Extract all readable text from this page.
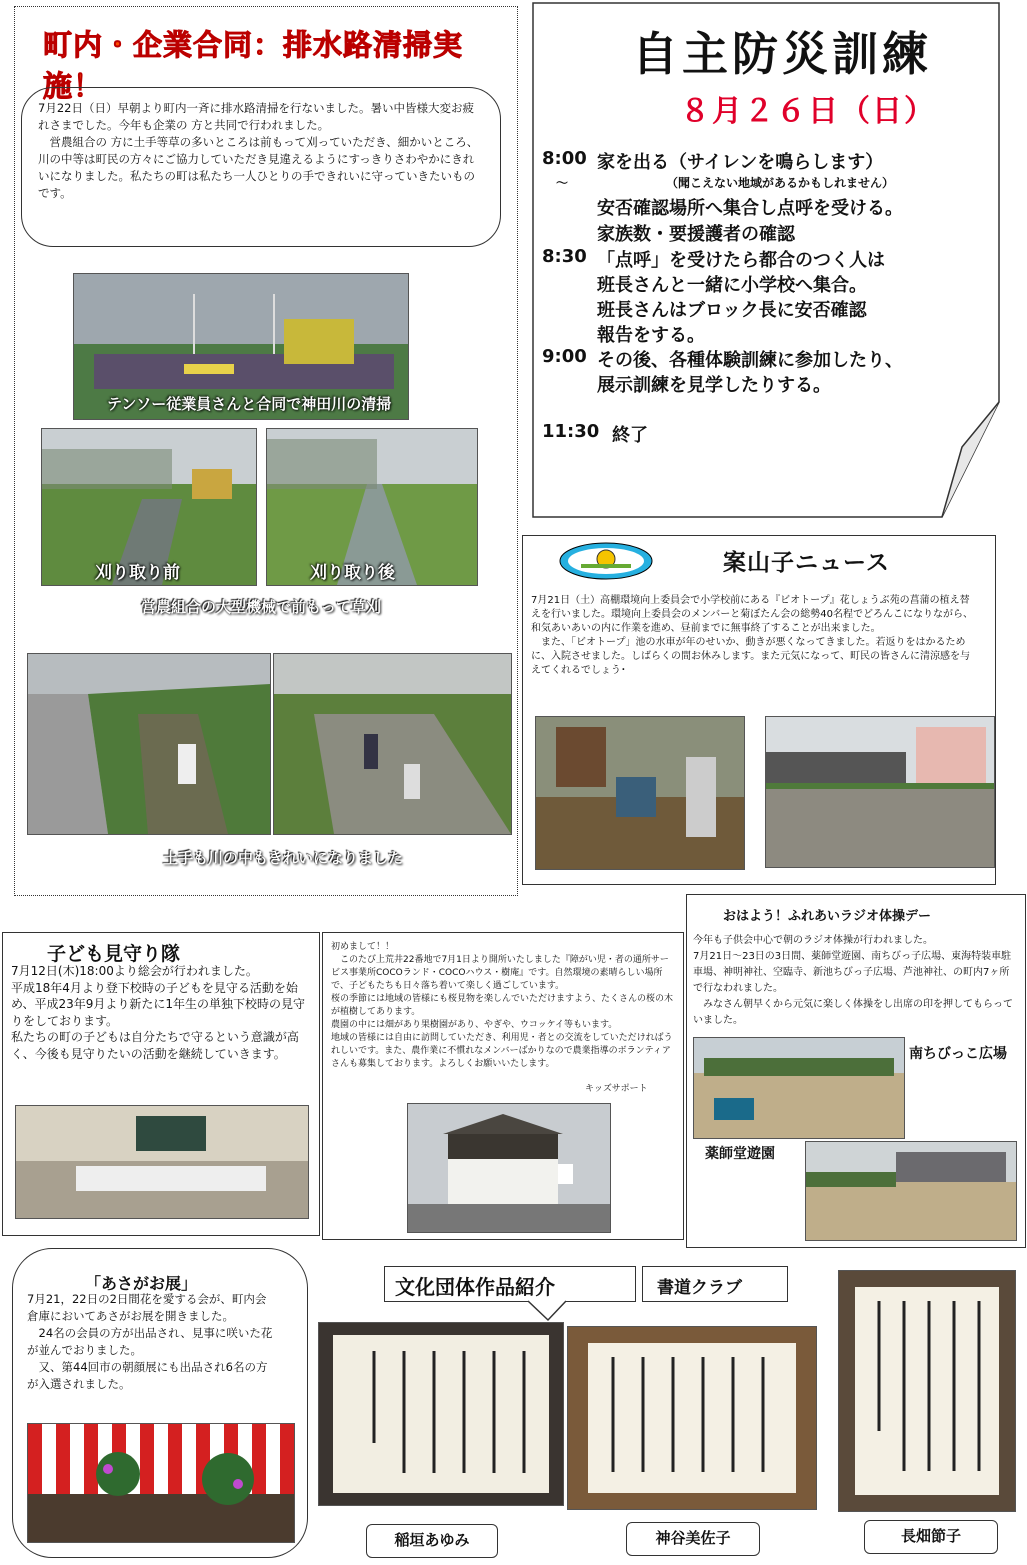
町内・企業合同：排水路清掃実施！
7月22日（日）早朝より町内一斉に排水路清掃を行ないました。暑い中皆様大変お疲れさまでした。今年も企業の 方と共同で行われました。
　営農組合の 方に土手等草の多いところは前もって刈っていただき、細かいところ、川の中等は町民の方々にご協力していただき見違えるようにすっきりさわやかにきれいになりました。私たちの町は私たち一人ひとりの手できれいに守っていきたいものです。
テンソー従業員さんと合同で神田川の清掃
刈り取り前	刈り取り後
営農組合の大型機械で前もって草刈
土手も川の中もきれいになりました
自主防災訓練
８月２６日（日）
8:00 家を出る（サイレンを鳴らします）
～	（聞こえない地域があるかもしれません）
安否確認場所へ集合し点呼を受ける。
家族数・要援護者の確認
8:30 「点呼」を受けたら都合のつく人は
班長さんと一緒に小学校へ集合。
班長さんはブロック長に安否確認
報告をする。
9:00 その後、各種体験訓練に参加したり、
展示訓練を見学したりする。
11:30 終了
案山子ニュース
7月21日（土）高棚環境向上委員会で小学校前にある『ビオトープ』花しょうぶ苑の菖蒲の植え替えを行いました。環境向上委員会のメンバーと菊ぼたん会の総勢40名程でどろんこになりながら、和気あいあいの内に作業を進め、昼前までに無事終了することが出来ました。
　また、「ビオトープ」池の水車が年のせいか、動きが悪くなってきました。若返りをはかるために、入院させました。しばらくの間お休みします。また元気になって、町民の皆さんに清涼感を与えてくれるでしょう･
子ども見守り隊
7月12日(木)18:00より総会が行われました。
平成18年4月より登下校時の子どもを見守る活動を始め、平成23年9月より新たに1年生の単独下校時の見守りをしております。
私たちの町の子どもは自分たちで守るという意識が高く、今後も見守りたいの活動を継続していきます。
初めまして！！
　このたび上荒井22番地で7月1日より開所いたしました『障がい児・者の通所サービス事業所COCOランド・COCOハウス・樹庵』です。自然環境の素晴らしい場所で、子どもたちも日々落ち着いて楽しく過ごしています。
桜の季節には地域の皆様にも桜見物を楽しんでいただけますよう、たくさんの桜の木が植樹してあります。
農園の中には畑があり果樹園があり、やぎや、ウコッケイ等もいます。
地域の皆様には自由に訪問していただき、利用児・者との交流をしていただければうれしいです。また、農作業に不慣れなメンバーばかりなので農業指導のボランティアさんも募集しております。よろしくお願いいたします。
キッズサポート
おはよう！ふれあいラジオ体操デー
今年も子供会中心で朝のラジオ体操が行われました。
7月21日～23日の3日間、薬師堂遊園、南ちびっ子広場、東海特装車駐車場、神明神社、空臨寺、新池ちびっ子広場、芦池神社、の町内7ヶ所で行なわれました。
　みなさん朝早くから元気に楽しく体操をし出席の印を押してもらっていました。
南ちびっこ広場
薬師堂遊園
「あさがお展」
7月21，22日の2日間花を愛する会が、町内会倉庫においてあさがお展を開きました。
　24名の会員の方が出品され、見事に咲いた花が並んでおりました。
　又、第44回市の朝顔展にも出品され6名の方が入選されました。
文化団体作品紹介	書道クラブ
稲垣あゆみ	神谷美佐子	長畑節子
